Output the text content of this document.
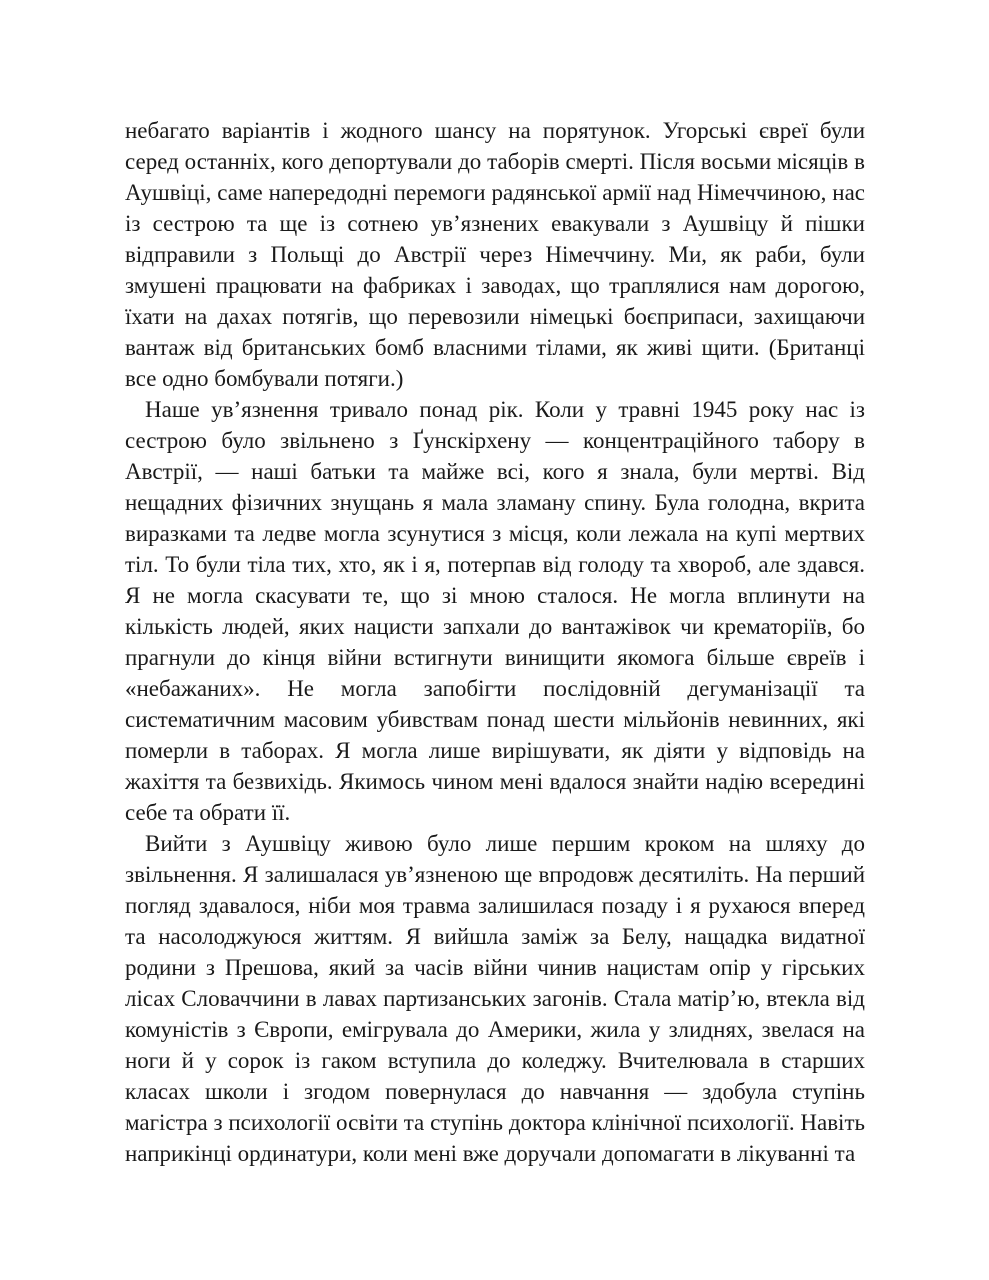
небагато варіантів і жодного шансу на порятунок. Угорські євреї були серед останніх, кого депортували до таборів смерті. Після восьми місяців в Аушвіці, саме напередодні перемоги радянської армії над Німеччиною, нас із сестрою та ще із сотнею ув’язнених евакували з Аушвіцу й пішки відправили з Польщі до Австрії через Німеччину. Ми, як раби, були змушені працювати на фабриках і заводах, що траплялися нам дорогою, їхати на дахах потягів, що перевозили німецькі боєприпаси, захищаючи вантаж від британських бомб власними тілами, як живі щити. (Британці все одно бомбували потяги.)

Наше ув’язнення тривало понад рік. Коли у травні 1945 року нас із сестрою було звільнено з Ґунскірхену — концентраційного табору в Австрії, — наші батьки та майже всі, кого я знала, були мертві. Від нещадних фізичних знущань я мала зламану спину. Була голодна, вкрита виразками та ледве могла зсунутися з місця, коли лежала на купі мертвих тіл. То були тіла тих, хто, як і я, потерпав від голоду та хвороб, але здався. Я не могла скасувати те, що зі мною сталося. Не могла вплинути на кількість людей, яких нацисти запхали до вантажівок чи крематоріїв, бо прагнули до кінця війни встигнути винищити якомога більше євреїв і «небажаних». Не могла запобігти послідовній дегуманізації та систематичним масовим убивствам понад шести мільйонів невинних, які померли в таборах. Я могла лише вирішувати, як діяти у відповідь на жахіття та безвихідь. Якимось чином мені вдалося знайти надію всередині себе та обрати її.

Вийти з Аушвіцу живою було лише першим кроком на шляху до звільнення. Я залишалася ув’язненою ще впродовж десятиліть. На перший погляд здавалося, ніби моя травма залишилася позаду і я рухаюся вперед та насолоджуюся життям. Я вийшла заміж за Белу, нащадка видатної родини з Прешова, який за часів війни чинив нацистам опір у гірських лісах Словаччини в лавах партизанських загонів. Стала матір’ю, втекла від комуністів з Європи, емігрувала до Америки, жила у злиднях, звелася на ноги й у сорок із гаком вступила до коледжу. Вчителювала в старших класах школи і згодом повернулася до навчання — здобула ступінь магістра з психології освіти та ступінь доктора клінічної психології. Навіть наприкінці ординатури, коли мені вже доручали допомагати в лікуванні та
